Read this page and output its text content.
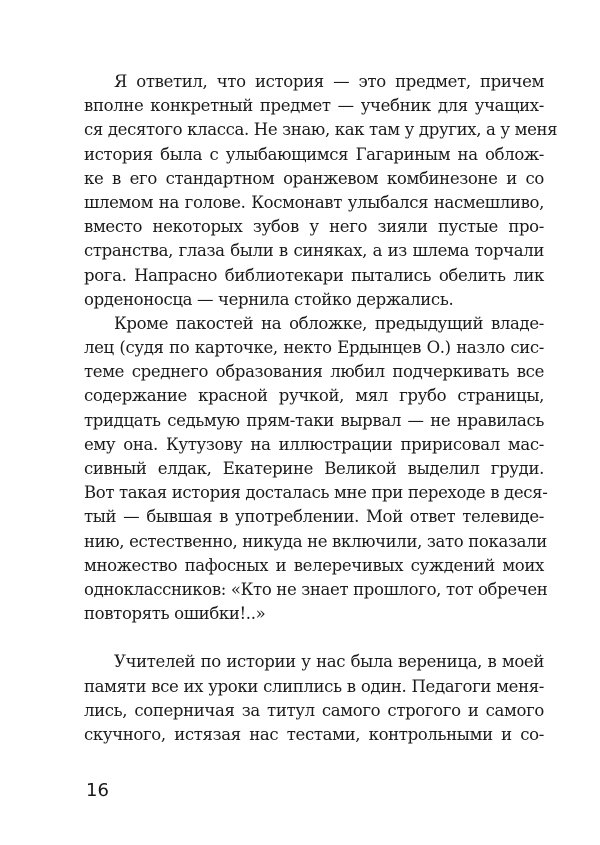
Я ответил, что история — это предмет, причем
вполне конкретный предмет — учебник для учащих-
ся десятого класса. Не знаю, как там у других, а у меня
история была с улыбающимся Гагариным на облож-
ке в его стандартном оранжевом комбинезоне и со
шлемом на голове. Космонавт улыбался насмешливо,
вместо некоторых зубов у него зияли пустые про-
странства, глаза были в синяках, а из шлема торчали
рога. Напрасно библиотекари пытались обелить лик
орденоносца — чернила стойко держались.
Кроме пакостей на обложке, предыдущий владе-
лец (судя по карточке, некто Ердынцев О.) назло сис-
теме среднего образования любил подчеркивать все
содержание красной ручкой, мял грубо страницы,
тридцать седьмую прям-таки вырвал — не нравилась
ему она. Кутузову на иллюстрации пририсовал мас-
сивный елдак, Екатерине Великой выделил груди.
Вот такая история досталась мне при переходе в деся-
тый — бывшая в употреблении. Мой ответ телевиде-
нию, естественно, никуда не включили, зато показали
множество пафосных и велеречивых суждений моих
одноклассников: «Кто не знает прошлого, тот обречен
повторять ошибки!..»
Учителей по истории у нас была вереница, в моей
памяти все их уроки слиплись в один. Педагоги меня-
лись, соперничая за титул самого строгого и самого
скучного, истязая нас тестами, контрольными и со-
16
